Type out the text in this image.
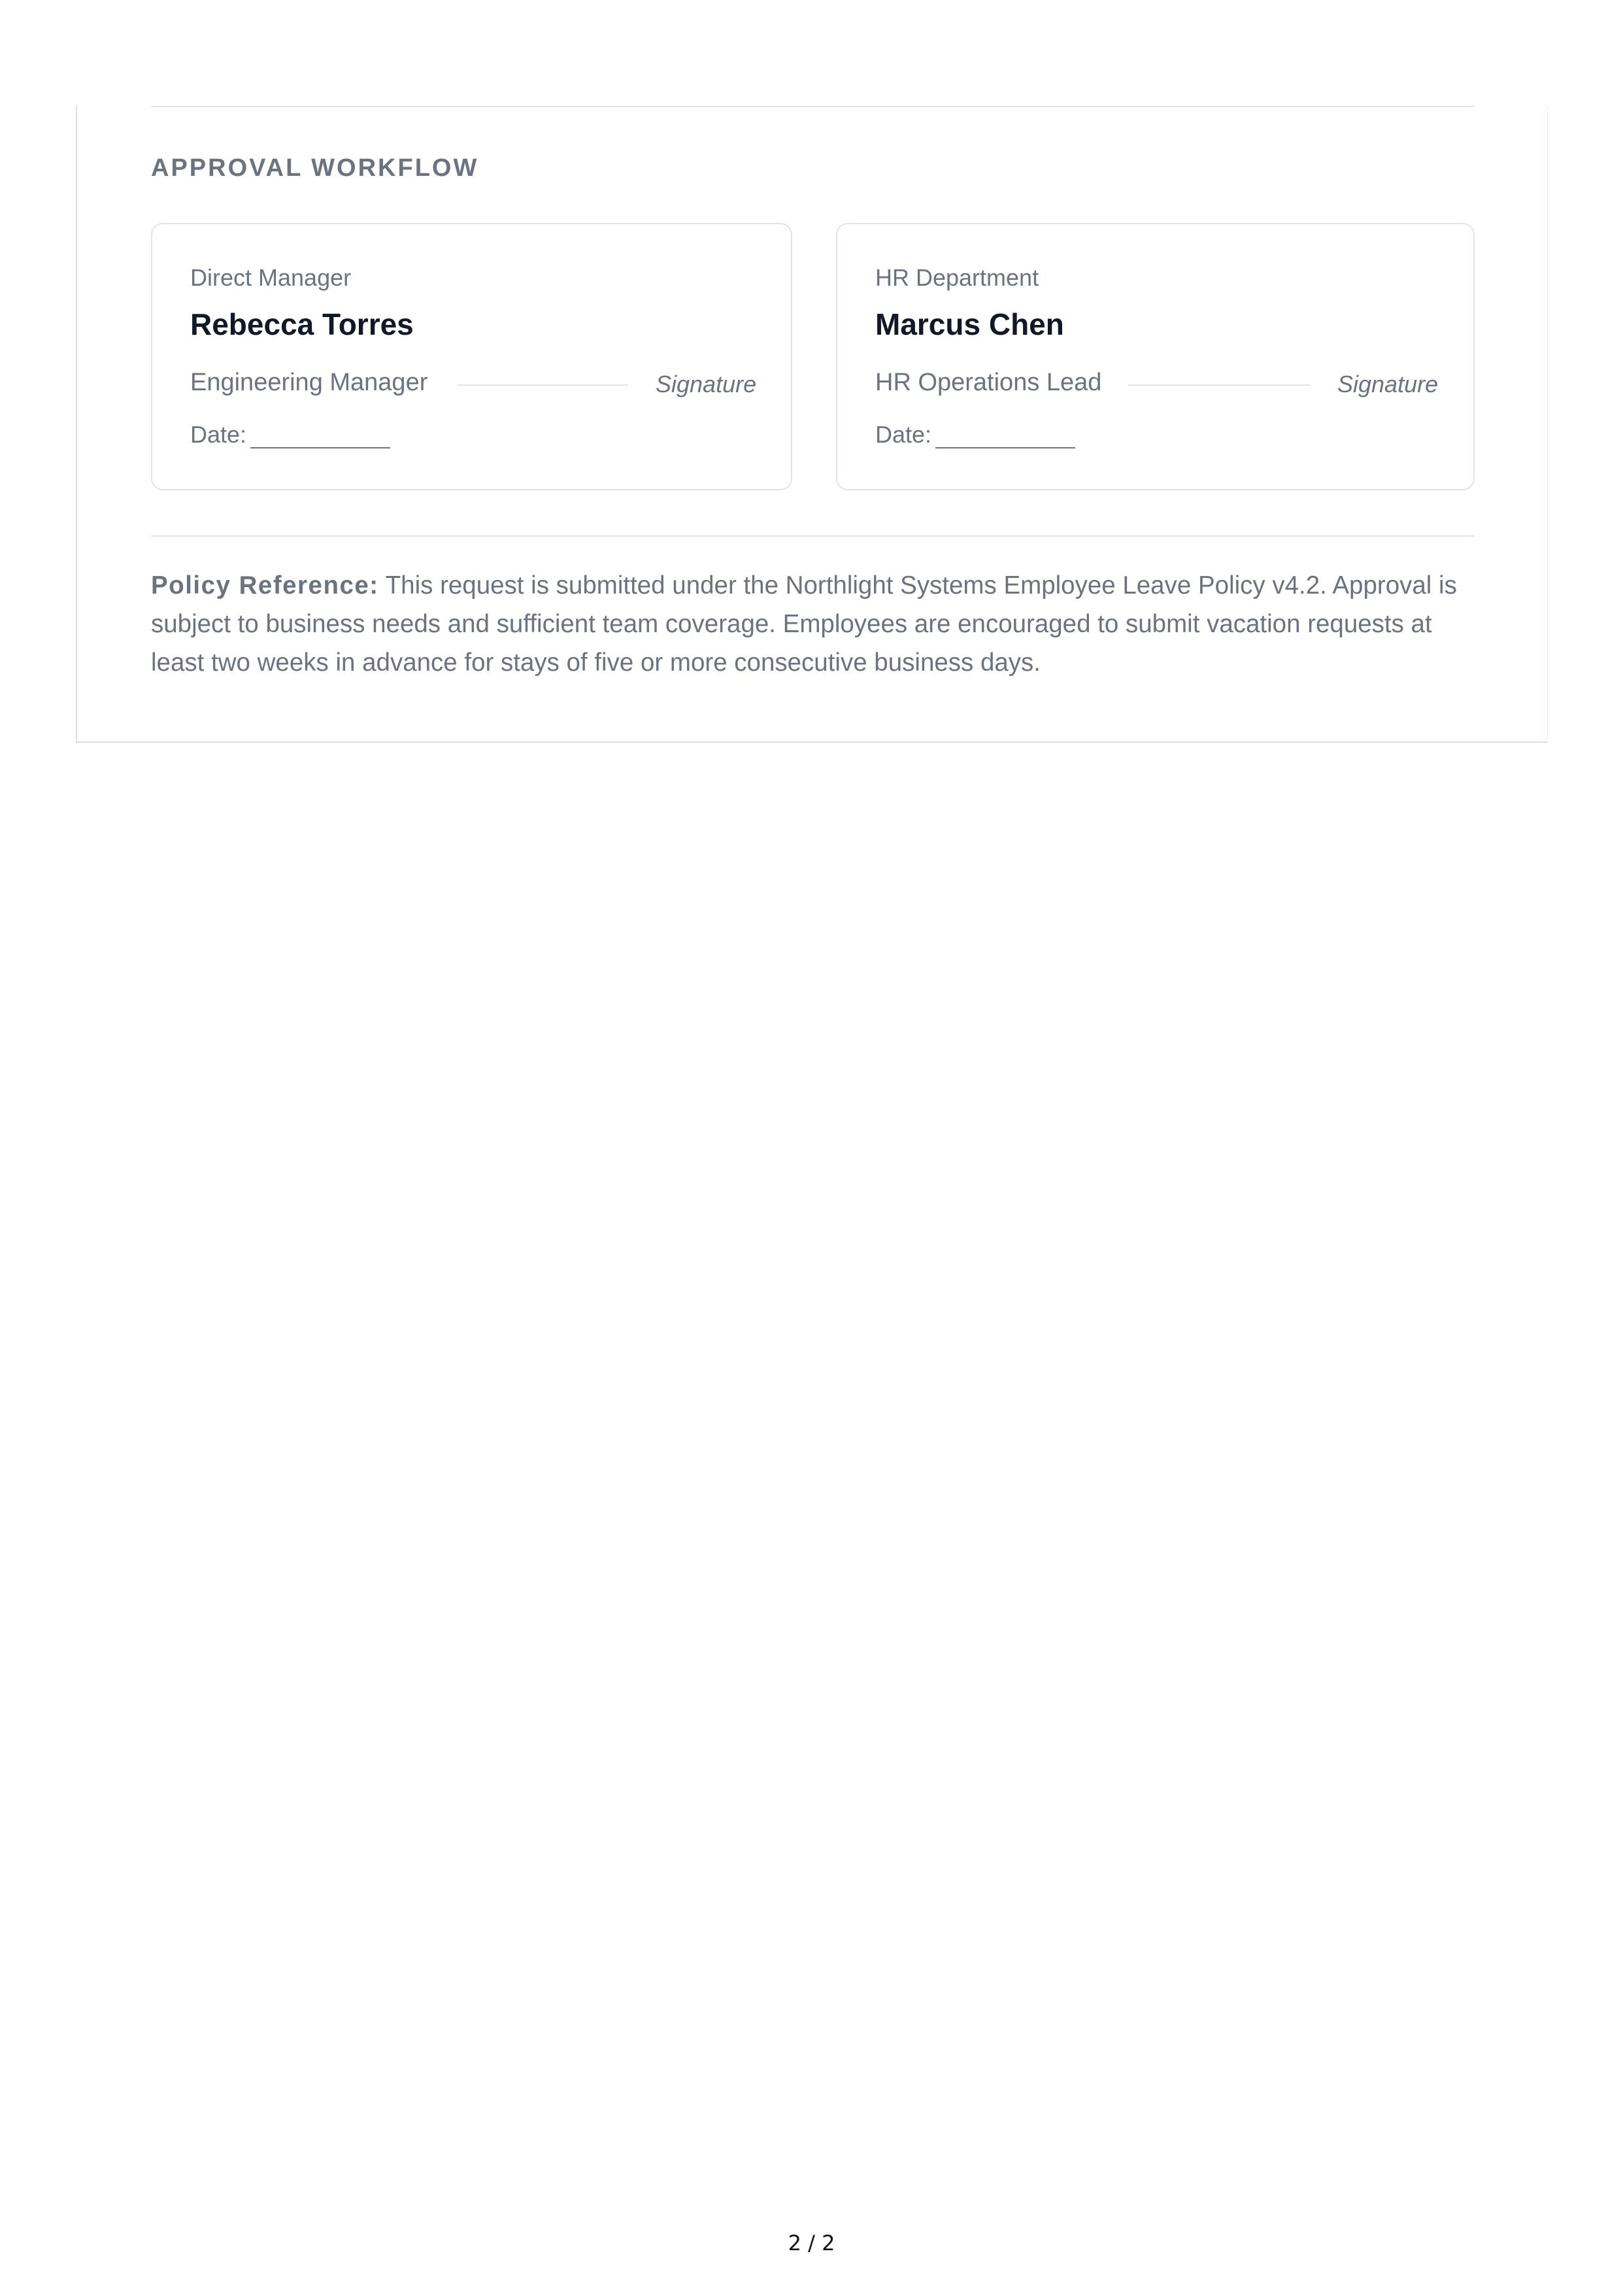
APPROVAL WORKFLOW
Direct Manager
Rebecca Torres
Engineering Manager	Signature
Date:
HR Department
Marcus Chen
HR Operations Lead	Signature
Date:

Policy Reference: This request is submitted under the Northlight Systems Employee Leave Policy v4.2. Approval is subject to business needs and sufficient team coverage. Employees are encouraged to submit vacation requests at least two weeks in advance for stays of five or more consecutive business days.

2 / 2
